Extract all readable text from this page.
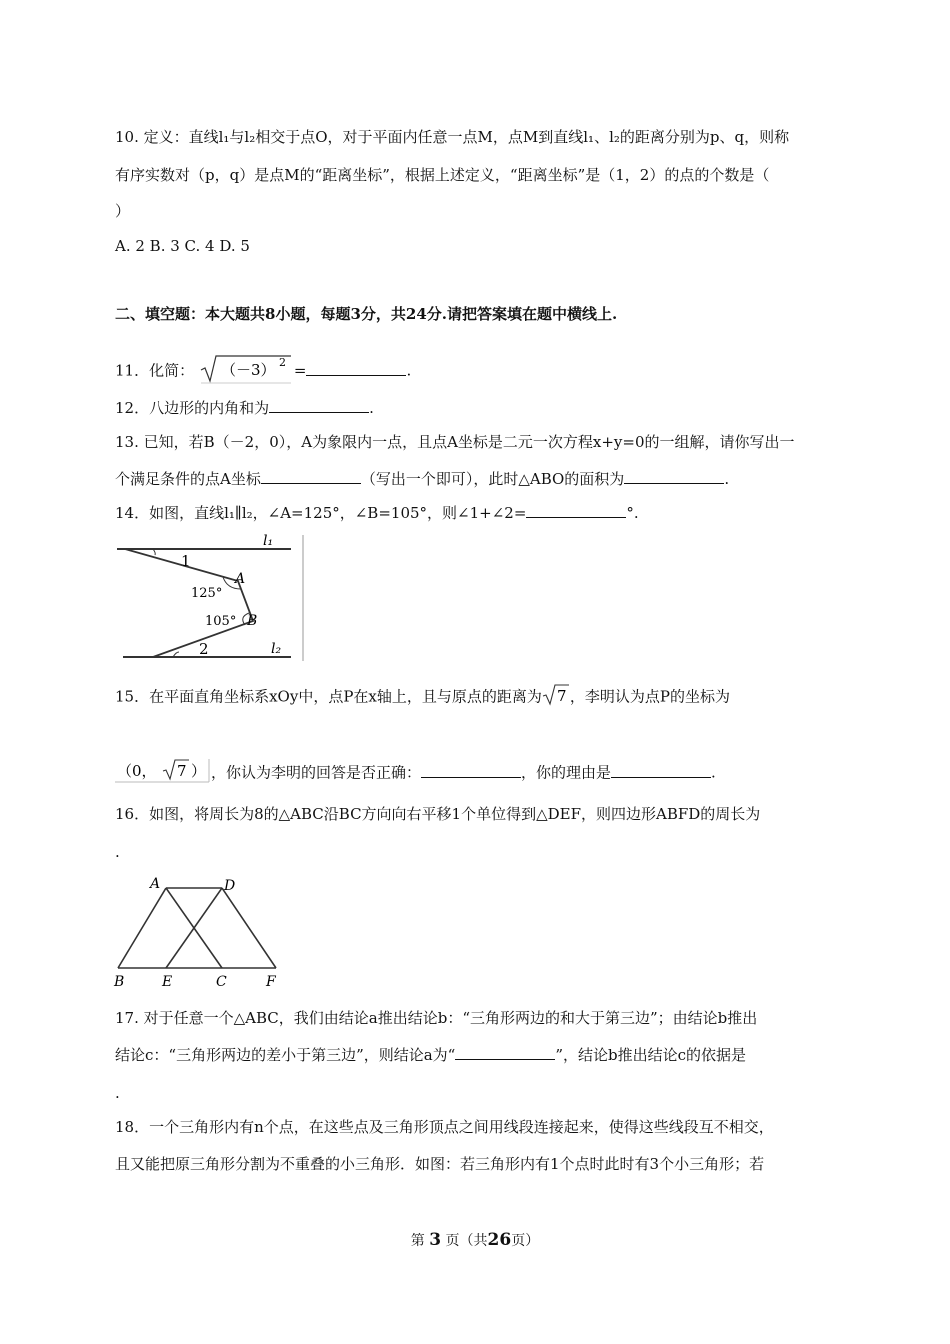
10. 定义：直线l₁与l₂相交于点O，对于平面内任意一点M，点M到直线l₁、l₂的距离分别为p、q，则称
有序实数对（p，q）是点M的“距离坐标”，根据上述定义，“距离坐标”是（1，2）的点的个数是（
）
A. 2 B. 3 C. 4 D. 5
二、填空题：本大题共8小题，每题3分，共24分.请把答案填在题中横线上.
11．化简： （－3） 2 =	.
12．八边形的内角和为	.
13. 已知，若B（－2，0），A为象限内一点，且点A坐标是二元一次方程x+y=0的一组解，请你写出一
个满足条件的点A坐标	（写出一个即可），此时△ABO的面积为	.
14．如图，直线l₁∥l₂，∠A=125°，∠B=105°，则∠1+∠2=	°.
l₁
l₂
1
2
A
B
125°
105°
15．在平面直角坐标系xOy中，点P在x轴上，且与原点的距离为 7 ，李明认为点P的坐标为
（0， 7 ） ，你认为李明的回答是否正确：	，你的理由是	.
16．如图，将周长为8的△ABC沿BC方向向右平移1个单位得到△DEF，则四边形ABFD的周长为
.
A	D
B	E	C	F
17. 对于任意一个△ABC，我们由结论a推出结论b：“三角形两边的和大于第三边”；由结论b推出
结论c：“三角形两边的差小于第三边”，则结论a为“	”，结论b推出结论c的依据是
.
18．一个三角形内有n个点，在这些点及三角形顶点之间用线段连接起来，使得这些线段互不相交，
且又能把原三角形分割为不重叠的小三角形．如图：若三角形内有1个点时此时有3个小三角形；若
第 3 页（共26页）
